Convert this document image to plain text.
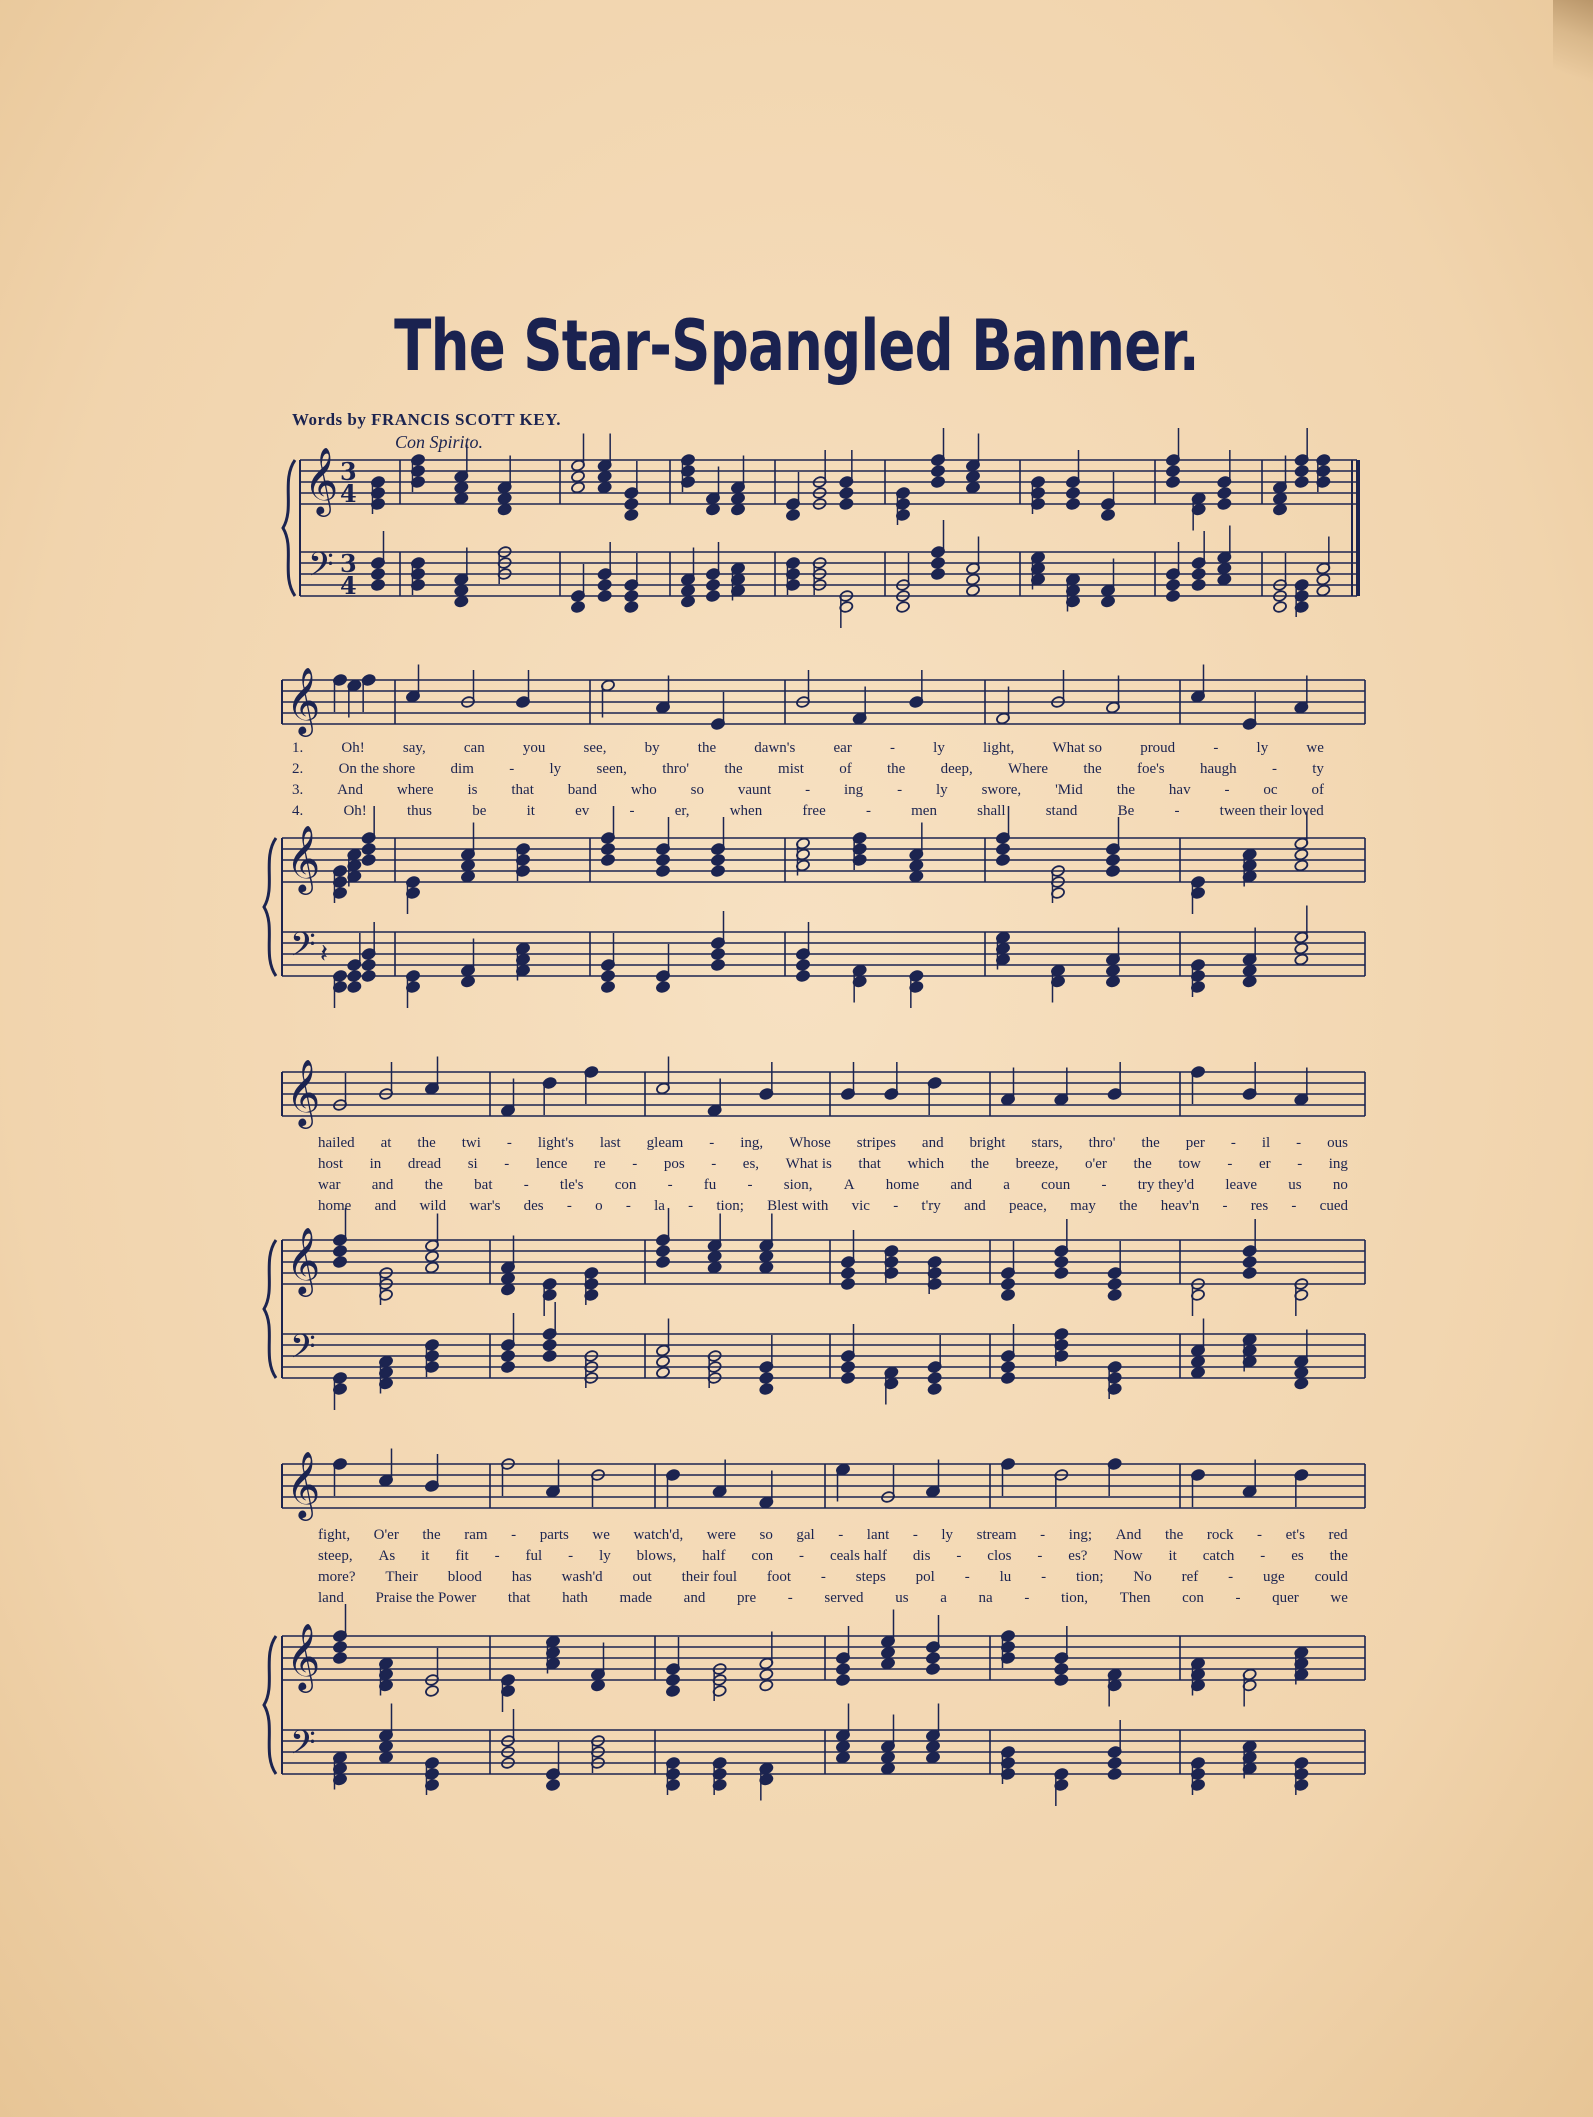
The Star-Spangled Banner.
Words by FRANCIS SCOTT KEY.
Con Spirito.
𝄞
𝄢
3
4
3
4
𝄞
𝄞
𝄢 𝄽
𝄞
𝄞
𝄢
𝄞
𝄞
𝄢
1.	Oh!	say,	can	you	see,	by	the	dawn's	ear	-	ly	light,	What so	proud	-	ly	we
2. On the shore dim - ly seen, thro' the mist of the deep, Where the foe's haugh - ty
3. And where is that band who so vaunt - ing - ly swore, 'Mid the hav - oc of
4.	Oh!	thus	be	it	ev	-	er,	when	free	-	men	shall	stand	Be	-	tween their loved
hailed at the twi - light's last gleam - ing, Whose stripes and bright stars, thro' the per - il - ous
host in dread si - lence re - pos - es, What is that which the breeze, o'er the tow - er - ing
war and the bat - tle's con - fu - sion, A home and a coun - try they'd leave us no
home and wild war's des - o - la - tion; Blest with vic - t'ry and peace, may the heav'n - res - cued
fight, O'er the ram - parts we watch'd, were so gal - lant - ly stream - ing; And the rock - et's red
steep, As it fit - ful - ly blows, half con - ceals half dis - clos - es? Now it catch - es the
more? Their blood has wash'd out their foul foot - steps pol - lu - tion; No ref - uge could
land Praise the Power that hath made and pre - served us a na - tion, Then con - quer we
